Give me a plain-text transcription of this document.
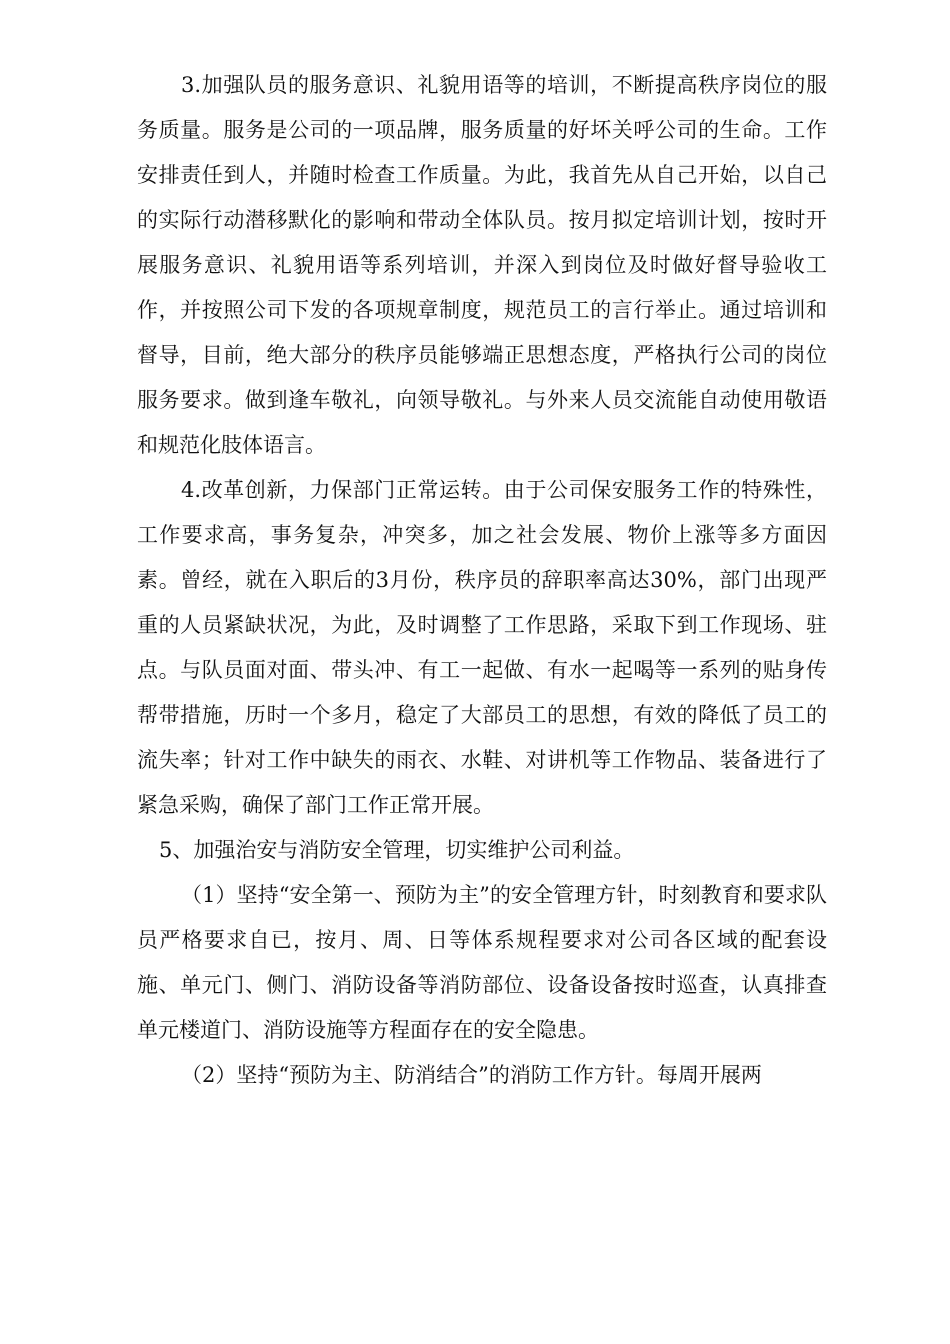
3.加强队员的服务意识、礼貌用语等的培训，不断提高秩序岗位的服务质量。服务是公司的一项品牌，服务质量的好坏关呼公司的生命。工作安排责任到人，并随时检查工作质量。为此，我首先从自己开始，以自己的实际行动潜移默化的影响和带动全体队员。按月拟定培训计划，按时开展服务意识、礼貌用语等系列培训，并深入到岗位及时做好督导验收工作，并按照公司下发的各项规章制度，规范员工的言行举止。通过培训和督导，目前，绝大部分的秩序员能够端正思想态度，严格执行公司的岗位服务要求。做到逢车敬礼，向领导敬礼。与外来人员交流能自动使用敬语和规范化肢体语言。

4.改革创新，力保部门正常运转。由于公司保安服务工作的特殊性，工作要求高，事务复杂，冲突多，加之社会发展、物价上涨等多方面因素。曾经，就在入职后的3月份，秩序员的辞职率高达30%，部门出现严重的人员紧缺状况，为此，及时调整了工作思路，采取下到工作现场、驻点。与队员面对面、带头冲、有工一起做、有水一起喝等一系列的贴身传帮带措施，历时一个多月，稳定了大部员工的思想，有效的降低了员工的流失率；针对工作中缺失的雨衣、水鞋、对讲机等工作物品、装备进行了紧急采购，确保了部门工作正常开展。

5、加强治安与消防安全管理，切实维护公司利益。

（1）坚持“安全第一、预防为主”的安全管理方针，时刻教育和要求队员严格要求自已，按月、周、日等体系规程要求对公司各区域的配套设施、单元门、侧门、消防设备等消防部位、设备设备按时巡查，认真排查单元楼道门、消防设施等方程面存在的安全隐患。

（2）坚持“预防为主、防消结合”的消防工作方针。每周开展两
